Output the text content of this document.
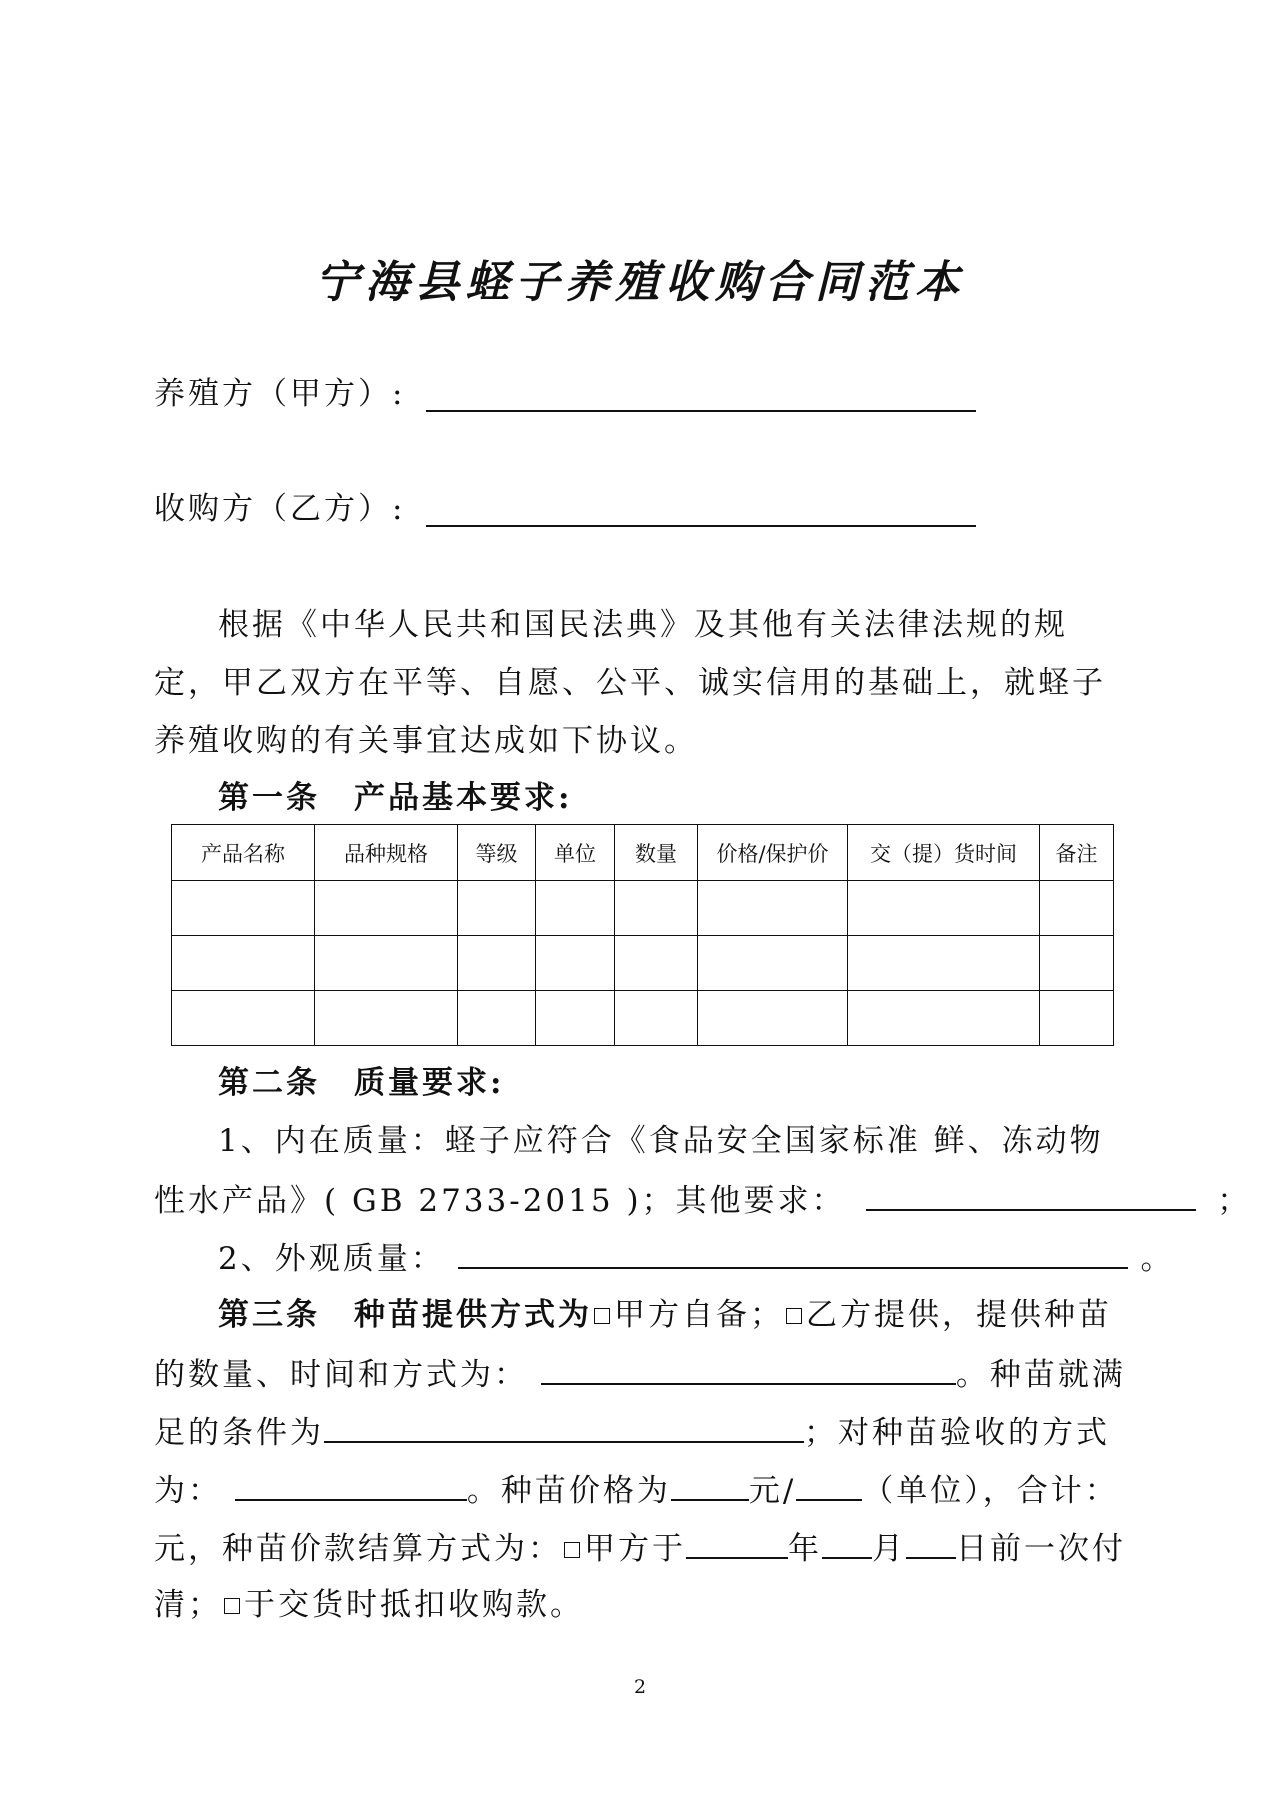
宁海县蛏子养殖收购合同范本
养殖方（甲方）:
收购方（乙方）:
根据《中华人民共和国民法典》及其他有关法律法规的规定，甲乙双方在平等、自愿、公平、诚实信用的基础上，就蛏子养殖收购的有关事宜达成如下协议。
第一条　产品基本要求:
产品名称	品种规格	等级	单位	数量	价格/保护价	交（提）货时间	备注

第二条　质量要求:
1、内在质量：蛏子应符合《食品安全国家标准 鲜、冻动物
性水产品》( GB 2733-2015 )；其他要求：	；
2、外观质量：	。
第三条　种苗提供方式为 甲方自备； 乙方提供，提供种苗
的数量、时间和方式为：	。种苗就满
足的条件为	；对种苗验收的方式
为：	。种苗价格为	元/ （单位），合计：
元，种苗价款结算方式为： 甲方于	年 月 日前一次付
清； 于交货时抵扣收购款。
2
